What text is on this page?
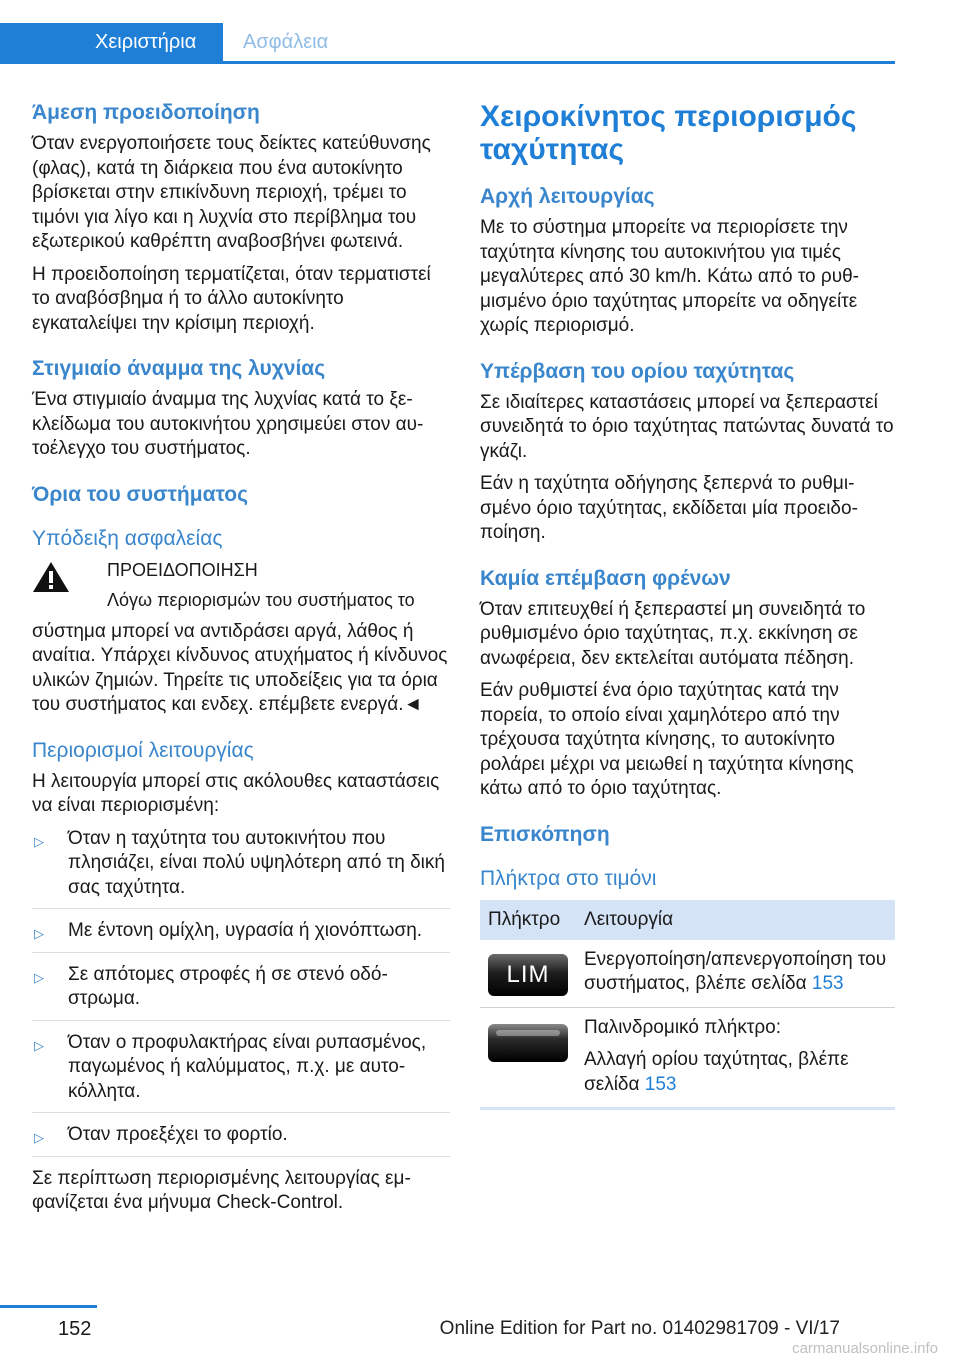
Χειριστήρια	Ασφάλεια
Άμεση προειδοποίηση

Όταν ενεργοποιήσετε τους δείκτες κατεύθυνσης (φλας), κατά τη διάρκεια που ένα αυτοκίνητο βρίσκεται στην επικίνδυνη περιοχή, τρέμει το τιμόνι για λίγο και η λυχνία στο περίβλημα του εξωτερικού καθρέπτη αναβοσβήνει φωτεινά.

Η προειδοποίηση τερματίζεται, όταν τερματιστεί το αναβόσβημα ή το άλλο αυτοκίνητο εγκαταλείψει την κρίσιμη περιοχή.

Στιγμιαίο άναμμα της λυχνίας

Ένα στιγμιαίο άναμμα της λυχνίας κατά το ξεκλείδωμα του αυτοκινήτου χρησιμεύει στον αυτοέλεγχο του συστήματος.

Όρια του συστήματος
Υπόδειξη ασφαλείας

ΠΡΟΕΙΔΟΠΟΙΗΣΗ

Λόγω περιορισμών του συστήματος το

σύστημα μπορεί να αντιδράσει αργά, λάθος ή αναίτια. Υπάρχει κίνδυνος ατυχήματος ή κίνδυνος υλικών ζημιών. Τηρείτε τις υποδείξεις για τα όρια του συστήματος και ενδεχ. επέμβετε ενεργά.◄

Περιορισμοί λειτουργίας

Η λειτουργία μπορεί στις ακόλουθες καταστάσεις να είναι περιορισμένη:

▷ Όταν η ταχύτητα του αυτοκινήτου που πλησιάζει, είναι πολύ υψηλότερη από τη δική σας ταχύτητα.
▷ Με έντονη ομίχλη, υγρασία ή χιονόπτωση.
▷ Σε απότομες στροφές ή σε στενό οδόστρωμα.
▷ Όταν ο προφυλακτήρας είναι ρυπασμένος, παγωμένος ή καλύμματος, π.χ. με αυτοκόλλητα.
▷ Όταν προεξέχει το φορτίο.

Σε περίπτωση περιορισμένης λειτουργίας εμφανίζεται ένα μήνυμα Check-Control.

Χειροκίνητος περιορισμός ταχύτητας
Αρχή λειτουργίας

Με το σύστημα μπορείτε να περιορίσετε την ταχύτητα κίνησης του αυτοκινήτου για τιμές μεγαλύτερες από 30 km/h. Κάτω από το ρυθμισμένο όριο ταχύτητας μπορείτε να οδηγείτε χωρίς περιορισμό.

Υπέρβαση του ορίου ταχύτητας

Σε ιδιαίτερες καταστάσεις μπορεί να ξεπεραστεί συνειδητά το όριο ταχύτητας πατώντας δυνατά το γκάζι.

Εάν η ταχύτητα οδήγησης ξεπερνά το ρυθμισμένο όριο ταχύτητας, εκδίδεται μία προειδοποίηση.

Καμία επέμβαση φρένων

Όταν επιτευχθεί ή ξεπεραστεί μη συνειδητά το ρυθμισμένο όριο ταχύτητας, π.χ. εκκίνηση σε ανωφέρεια, δεν εκτελείται αυτόματα πέδηση.

Εάν ρυθμιστεί ένα όριο ταχύτητας κατά την πορεία, το οποίο είναι χαμηλότερο από την τρέχουσα ταχύτητα κίνησης, το αυτοκίνητο ρολάρει μέχρι να μειωθεί η ταχύτητα κίνησης κάτω από το όριο ταχύτητας.

Επισκόπηση
Πλήκτρα στο τιμόνι
Πλήκτρο	Λειτουργία

LIM	Ενεργοποίηση/απενεργοποίηση του συστήματος, βλέπε σελίδα 153

	Παλινδρομικό πλήκτρο:
Αλλαγή ορίου ταχύτητας, βλέπε σελίδα 153
152	Online Edition for Part no. 01402981709 - VI/17
carmanualsonline.info
